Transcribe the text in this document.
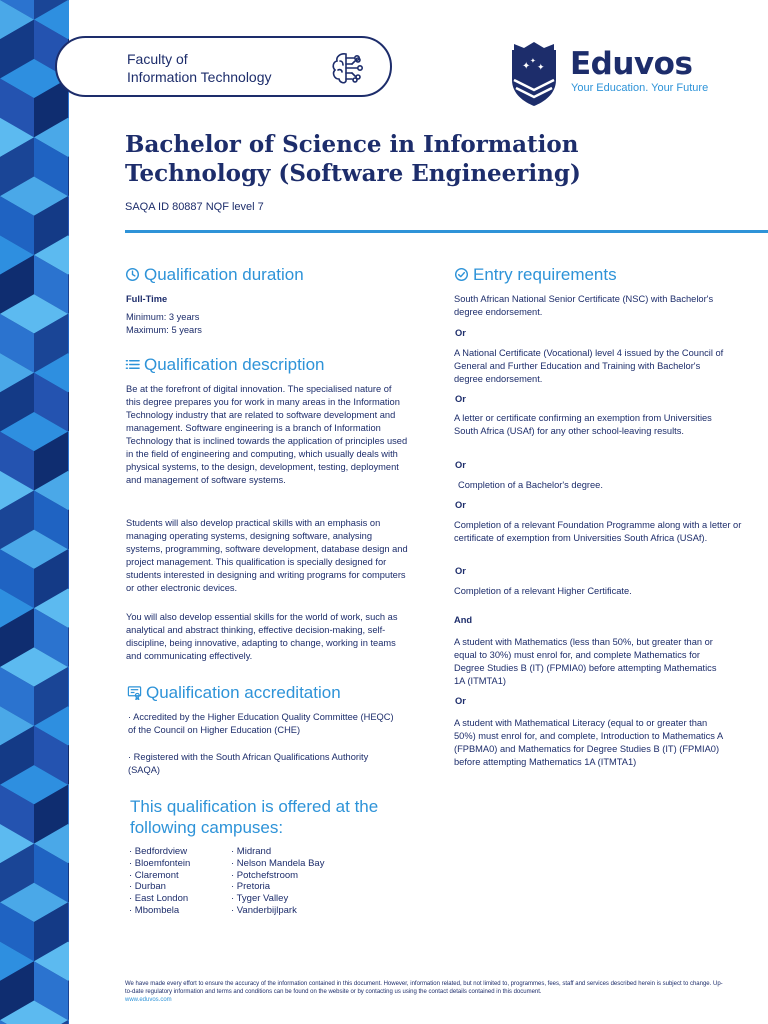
Faculty of
Information Technology
✦ ✦
✦ Eduvos
Your Education. Your Future
Bachelor of Science in Information
Technology (Software Engineering)
SAQA ID 80887 NQF level 7
Qualification duration
Full-Time
Minimum: 3 years
Maximum: 5 years
Qualification description
Be at the forefront of digital innovation. The specialised nature of this degree prepares you for work in many areas in the Information Technology industry that are related to software development and management. Software engineering is a branch of Information Technology that is inclined towards the application of principles used in the field of engineering and computing, which usually deals with physical systems, to the design, development, testing, deployment and management of software systems.
Students will also develop practical skills with an emphasis on managing operating systems, designing software, analysing systems, programming, software development, database design and project management. This qualification is specially designed for students interested in designing and writing programs for computers or other electronic devices.
You will also develop essential skills for the world of work, such as analytical and abstract thinking, effective decision-making, self-discipline, being innovative, adapting to change, working in teams and communicating effectively.
Qualification accreditation
· Accredited by the Higher Education Quality Committee (HEQC) of the Council on Higher Education (CHE)
· Registered with the South African Qualifications Authority (SAQA)
This qualification is offered at the following campuses:
· Bedfordview
· Bloemfontein
· Claremont
· Durban
· East London
· Mbombela
· Midrand
· Nelson Mandela Bay
· Potchefstroom
· Pretoria
· Tyger Valley
· Vanderbijlpark
Entry requirements
South African National Senior Certificate (NSC) with Bachelor's degree endorsement.
Or
A National Certificate (Vocational) level 4 issued by the Council of General and Further Education and Training with Bachelor's degree endorsement.
Or
A letter or certificate confirming an exemption from Universities South Africa (USAf) for any other school-leaving results.
Or
Completion of a Bachelor's degree.
Or
Completion of a relevant Foundation Programme along with a letter or certificate of exemption from Universities South Africa (USAf).
Or
Completion of a relevant Higher Certificate.
And
A student with Mathematics (less than 50%, but greater than or equal to 30%) must enrol for, and complete Mathematics for Degree Studies B (IT) (FPMIA0) before attempting Mathematics 1A (ITMTA1)
Or
A student with Mathematical Literacy (equal to or greater than 50%) must enrol for, and complete, Introduction to Mathematics A (FPBMA0) and Mathematics for Degree Studies B (IT) (FPMIA0) before attempting Mathematics 1A (ITMTA1)
We have made every effort to ensure the accuracy of the information contained in this document. However, information related, but not limited to, programmes, fees, staff and services described herein is subject to change. Up-to-date regulatory information and terms and conditions can be found on the website or by contacting us using the contact details contained in this document.
www.eduvos.com
